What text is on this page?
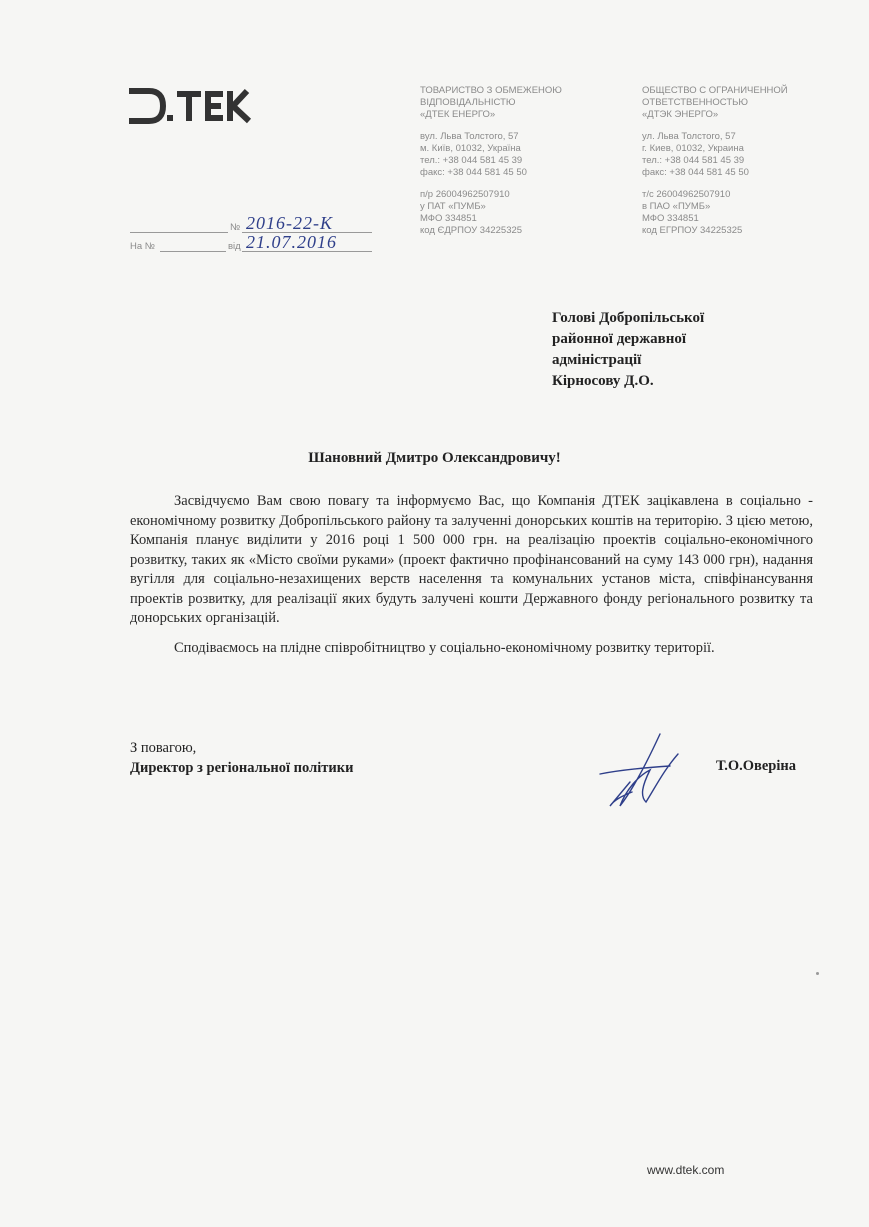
ТОВАРИСТВО З ОБМЕЖЕНОЮ
ВІДПОВІДАЛЬНІСТЮ
«ДТЕК ЕНЕРГО»
вул. Льва Толстого, 57
м. Київ, 01032, Україна
тел.: +38 044 581 45 39
факс: +38 044 581 45 50
п/р 26004962507910
у ПАТ «ПУМБ»
МФО 334851
код ЄДРПОУ 34225325
ОБЩЕСТВО С ОГРАНИЧЕННОЙ
ОТВЕТСТВЕННОСТЬЮ
«ДТЭК ЭНЕРГО»
ул. Льва Толстого, 57
г. Киев, 01032, Украина
тел.: +38 044 581 45 39
факс: +38 044 581 45 50
т/с 26004962507910
в ПАО «ПУМБ»
МФО 334851
код ЕГРПОУ 34225325
№ 2016-22-К
На №	від 21.07.2016
Голові Добропільської
районної державної
адміністрації
Кірносову Д.О.
Шановний Дмитро Олександровичу!

Засвідчуємо Вам свою повагу та інформуємо Вас, що Компанія ДТЕК зацікавлена в соціально - економічному розвитку Добропільського району та залученні донорських коштів на територію. З цією метою, Компанія планує виділити у 2016 році 1 500 000 грн. на реалізацію проектів соціально-економічного розвитку, таких як «Місто своїми руками» (проект фактично профінансований на суму 143 000 грн), надання вугілля для соціально-незахищених верств населення та комунальних установ міста, співфінансування проектів розвитку, для реалізації яких будуть залучені кошти Державного фонду регіонального розвитку та донорських організацій.

Сподіваємось на плідне співробітництво у соціально-економічному розвитку території.

З повагою,
Директор з регіональної політики	Т.О.Оверіна
www.dtek.com
